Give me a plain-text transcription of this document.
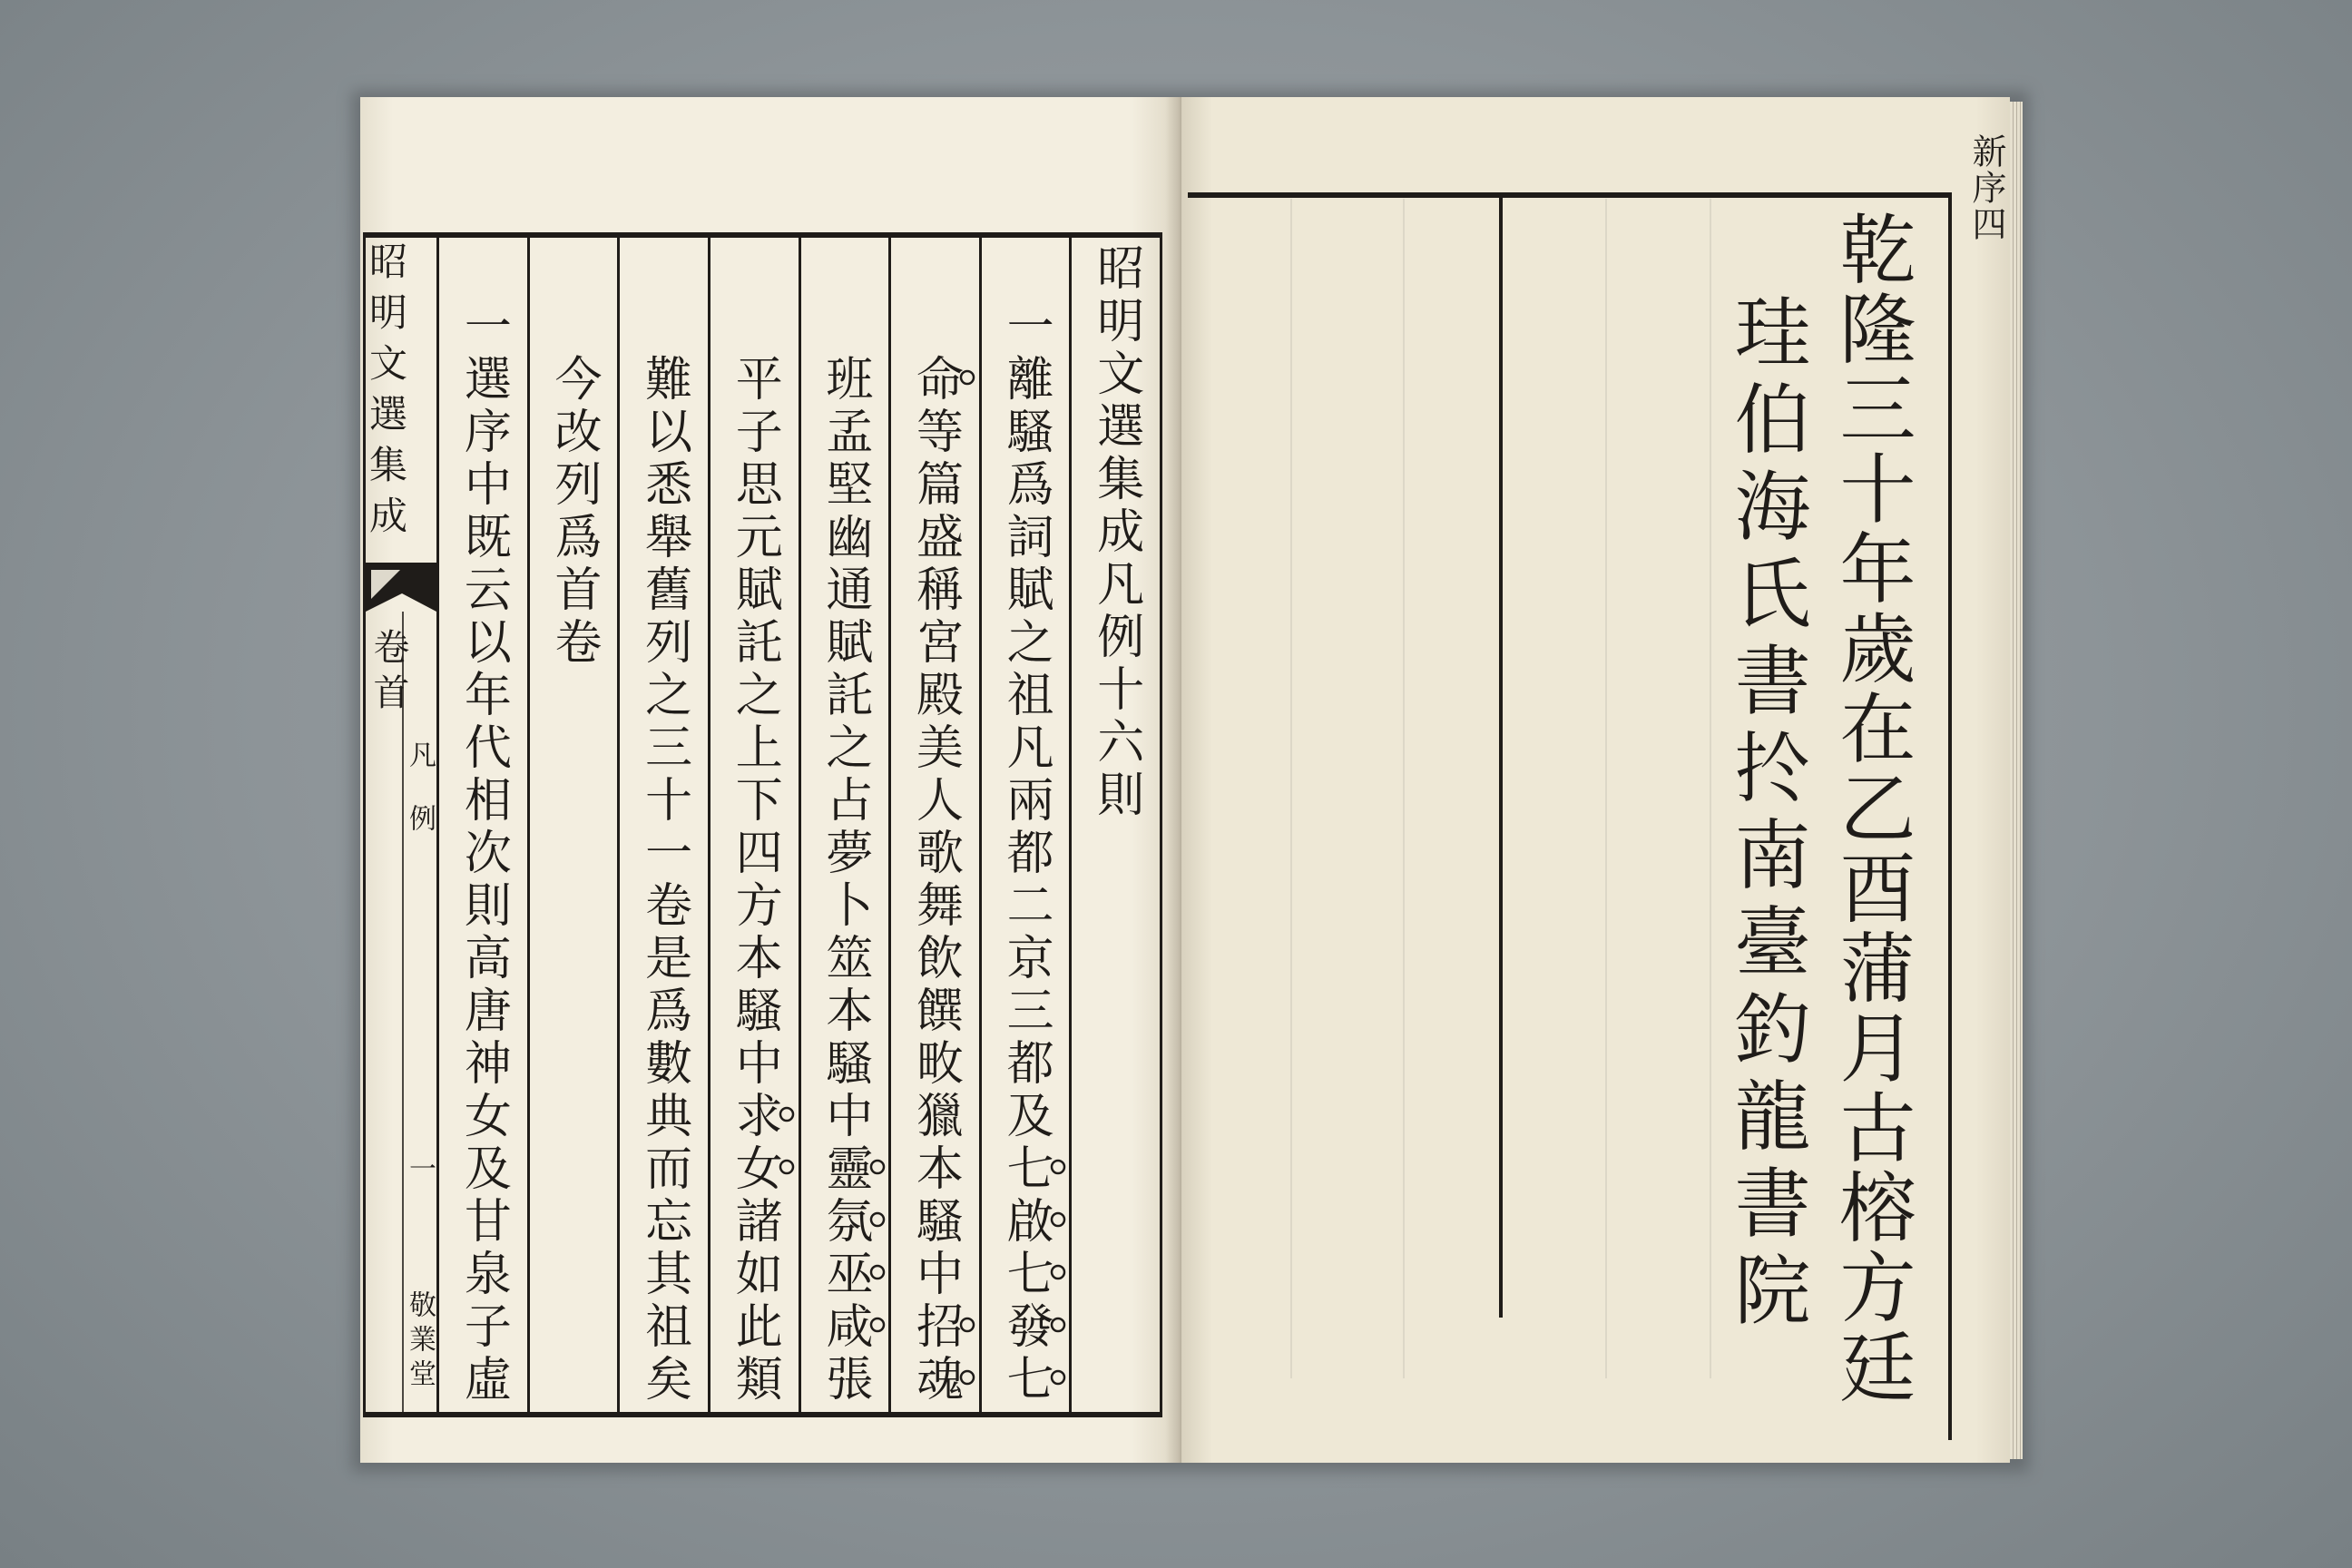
昭明文選集成
卷首
凡例
一
敬業堂
昭明文選集成凡例十六則
一離騷爲詞賦之祖凡兩都二京三都及七啟七發七
命等篇盛稱宮殿美人歌舞飲饌畋獵本騷中招魂
班孟堅幽通賦託之占夢卜筮本騷中靈氛巫咸張
平子思元賦託之上下四方本騷中求女諸如此類
難以悉舉舊列之三十一卷是爲數典而忘其祖矣
今改列爲首卷
一選序中既云以年代相次則高唐神女及甘泉子虛	乾隆三十年歲在乙酉蒲月古榕方廷
珪伯海氏書扵南臺釣龍書院
新序四
